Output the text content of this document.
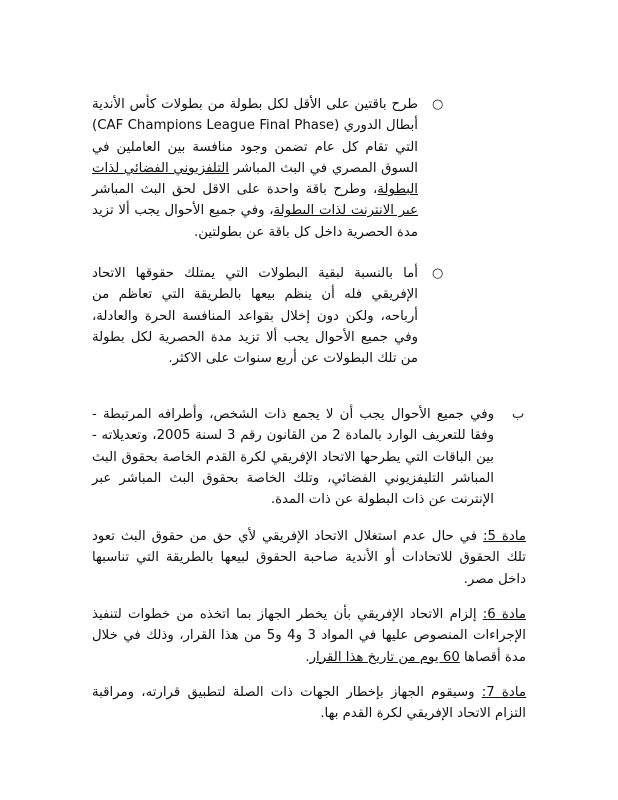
○
طرح باقتين على الأقل لكل بطولة من بطولات كأس الأندية أبطال الدوري (CAF Champions League Final Phase) التي تقام كل عام تضمن وجود منافسة بين العاملين في السوق المصري في البث المباشر التلفزيوني الفضائي لذات البطولة، وطرح باقة واحدة على الاقل لحق البث المباشر عبر الانترنت لذات البطولة، وفي جميع الأحوال يجب ألا تزيد مدة الحصرية داخل كل باقة عن بطولتين.
○
أما بالنسبة لبقية البطولات التي يمتلك حقوقها الاتحاد الإفريقي فله أن ينظم بيعها بالطريقة التي تعاظم من أرباحه، ولكن دون إخلال بقواعد المنافسة الحرة والعادلة، وفي جميع الأحوال يجب ألا تزيد مدة الحصرية لكل بطولة من تلك البطولات عن أربع سنوات على الاكثر.
ب
وفي جميع الأحوال يجب أن لا يجمع ذات الشخص، وأطرافه المرتبطة - وفقا للتعريف الوارد بالمادة 2 من القانون رقم 3 لسنة 2005، وتعديلاته - بين الباقات التي يطرحها الاتحاد الإفريقي لكرة القدم الخاصة بحقوق البث المباشر التليفزيوني الفضائي، وتلك الخاصة بحقوق البث المباشر عبر الإنترنت عن ذات البطولة عن ذات المدة.
مادة 5: في حال عدم استغلال الاتحاد الإفريقي لأي حق من حقوق البث تعود تلك الحقوق للاتحادات أو الأندية صاحبة الحقوق لبيعها بالطريقة التي تناسبها داخل مصر.
مادة 6: إلزام الاتحاد الإفريقي بأن يخطر الجهاز بما اتخذه من خطوات لتنفيذ الإجراءات المنصوص عليها في المواد 3 و4 و5 من هذا القرار، وذلك في خلال مدة أقصاها 60 يوم من تاريخ هذا القرار.
مادة 7: وسيقوم الجهاز بإخطار الجهات ذات الصلة لتطبيق قرارته، ومراقبة التزام الاتحاد الإفريقي لكرة القدم بها.
